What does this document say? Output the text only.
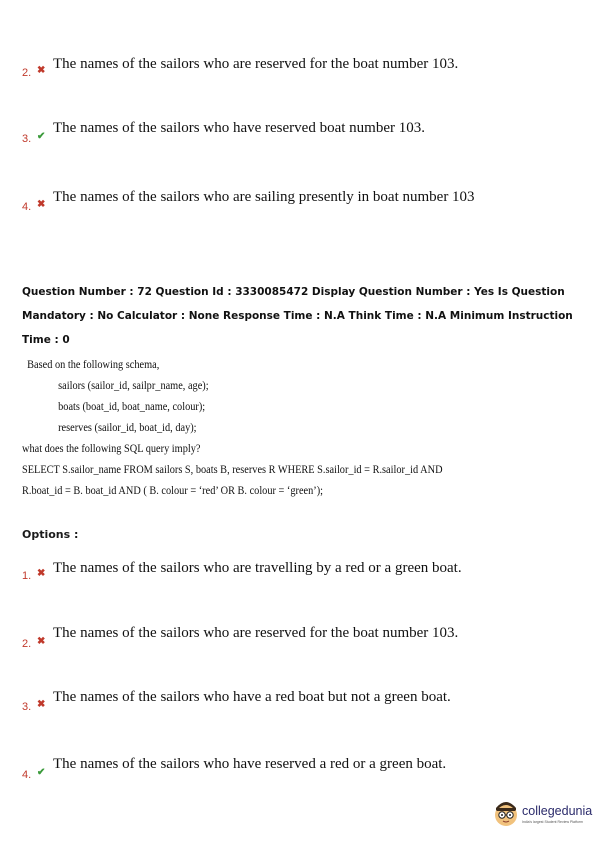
2. ✖ The names of the sailors who are reserved for the boat number 103.
3. ✔
The names of the sailors who have reserved boat number 103.
4. ✖ The names of the sailors who are sailing presently in boat number 103
Question Number : 72 Question Id : 3330085472 Display Question Number : Yes Is Question
Mandatory : No Calculator : None Response Time : N.A Think Time : N.A Minimum Instruction
Time : 0
Based on the following schema,
sailors (sailor_id, sailpr_name, age);
boats (boat_id, boat_name, colour);
reserves (sailor_id, boat_id, day);
what does the following SQL query imply?
SELECT S.sailor_name FROM sailors S, boats B, reserves R WHERE S.sailor_id = R.sailor_id AND
R.boat_id = B. boat_id AND ( B. colour = ‘red’ OR B. colour = ‘green’);
Options :
1. ✖ The names of the sailors who are travelling by a red or a green boat.
2. ✖
The names of the sailors who are reserved for the boat number 103.
3. ✖ The names of the sailors who have a red boat but not a green boat.
4. ✔
The names of the sailors who have reserved a red or a green boat.
collegedunia
India's largest Student Review Platform
